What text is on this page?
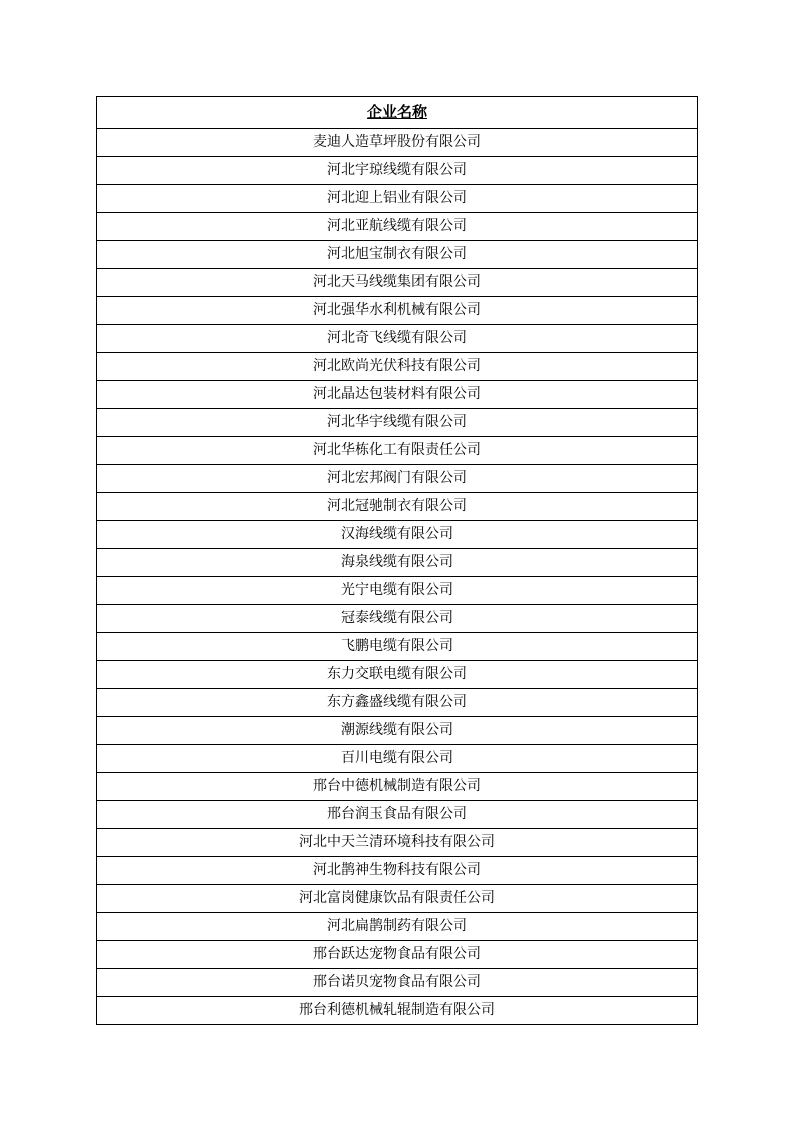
企业名称
麦迪人造草坪股份有限公司
河北宇琼线缆有限公司
河北迎上铝业有限公司
河北亚航线缆有限公司
河北旭宝制衣有限公司
河北天马线缆集团有限公司
河北强华水利机械有限公司
河北奇飞线缆有限公司
河北欧尚光伏科技有限公司
河北晶达包装材料有限公司
河北华宇线缆有限公司
河北华栋化工有限责任公司
河北宏邦阀门有限公司
河北冠驰制衣有限公司
汉海线缆有限公司
海泉线缆有限公司
光宁电缆有限公司
冠泰线缆有限公司
飞鹏电缆有限公司
东力交联电缆有限公司
东方鑫盛线缆有限公司
潮源线缆有限公司
百川电缆有限公司
邢台中德机械制造有限公司
邢台润玉食品有限公司
河北中天兰清环境科技有限公司
河北鹊神生物科技有限公司
河北富岗健康饮品有限责任公司
河北扁鹊制药有限公司
邢台跃达宠物食品有限公司
邢台诺贝宠物食品有限公司
邢台利德机械轧辊制造有限公司
